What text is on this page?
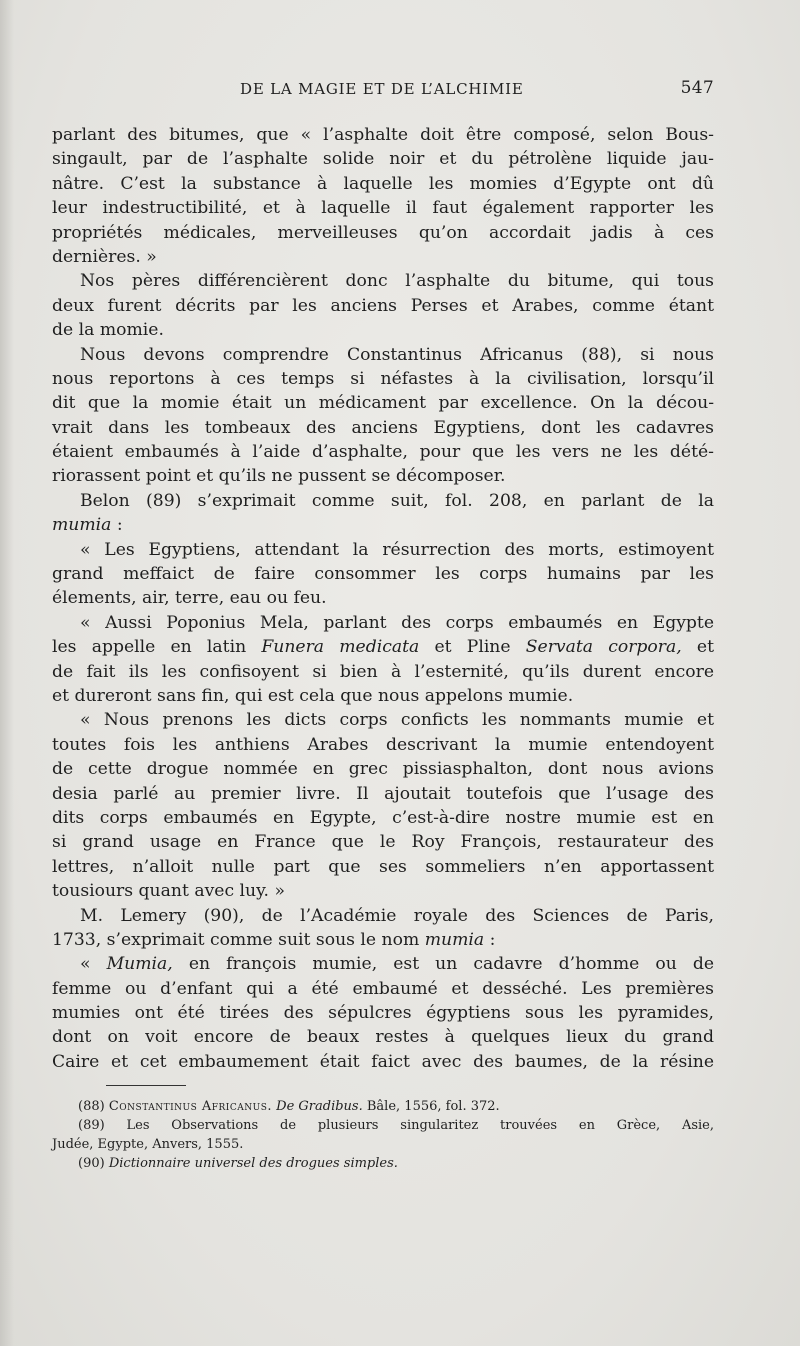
DE LA MAGIE ET DE L’ALCHIMIE	547
parlant des bitumes, que « l’asphalte doit être composé, selon Bous-
singault, par de l’asphalte solide noir et du pétrolène liquide jau-
nâtre. C’est la substance à laquelle les momies d’Egypte ont dû
leur indestructibilité, et à laquelle il faut également rapporter les
propriétés médicales, merveilleuses qu’on accordait jadis à ces
dernières. »
Nos pères différencièrent donc l’asphalte du bitume, qui tous
deux furent décrits par les anciens Perses et Arabes, comme étant
de la momie.
Nous devons comprendre Constantinus Africanus (88), si nous
nous reportons à ces temps si néfastes à la civilisation, lorsqu’il
dit que la momie était un médicament par excellence. On la décou-
vrait dans les tombeaux des anciens Egyptiens, dont les cadavres
étaient embaumés à l’aide d’asphalte, pour que les vers ne les dété-
riorassent point et qu’ils ne pussent se décomposer.
Belon (89) s’exprimait comme suit, fol. 208, en parlant de la
mumia :
« Les Egyptiens, attendant la résurrection des morts, estimoyent
grand meffaict de faire consommer les corps humains par les
élements, air, terre, eau ou feu.
« Aussi Poponius Mela, parlant des corps embaumés en Egypte
les appelle en latin Funera medicata et Pline Servata corpora, et
de fait ils les confisoyent si bien à l’esternité, qu’ils durent encore
et dureront sans fin, qui est cela que nous appelons mumie.
« Nous prenons les dicts corps conficts les nommants mumie et
toutes fois les anthiens Arabes descrivant la mumie entendoyent
de cette drogue nommée en grec pissiasphalton, dont nous avions
desia parlé au premier livre. Il ajoutait toutefois que l’usage des
dits corps embaumés en Egypte, c’est-à-dire nostre mumie est en
si grand usage en France que le Roy François, restaurateur des
lettres, n’alloit nulle part que ses sommeliers n’en apportassent
tousiours quant avec luy. »
M. Lemery (90), de l’Académie royale des Sciences de Paris,
1733, s’exprimait comme suit sous le nom mumia :
« Mumia, en françois mumie, est un cadavre d’homme ou de
femme ou d’enfant qui a été embaumé et desséché. Les premières
mumies ont été tirées des sépulcres égyptiens sous les pyramides,
dont on voit encore de beaux restes à quelques lieux du grand
Caire et cet embaumement était faict avec des baumes, de la résine
(88) Constantinus Africanus. De Gradibus. Bâle, 1556, fol. 372.
(89) Les Observations de plusieurs singularitez trouvées en Grèce, Asie,
Judée, Egypte, Anvers, 1555.
(90) Dictionnaire universel des drogues simples.
